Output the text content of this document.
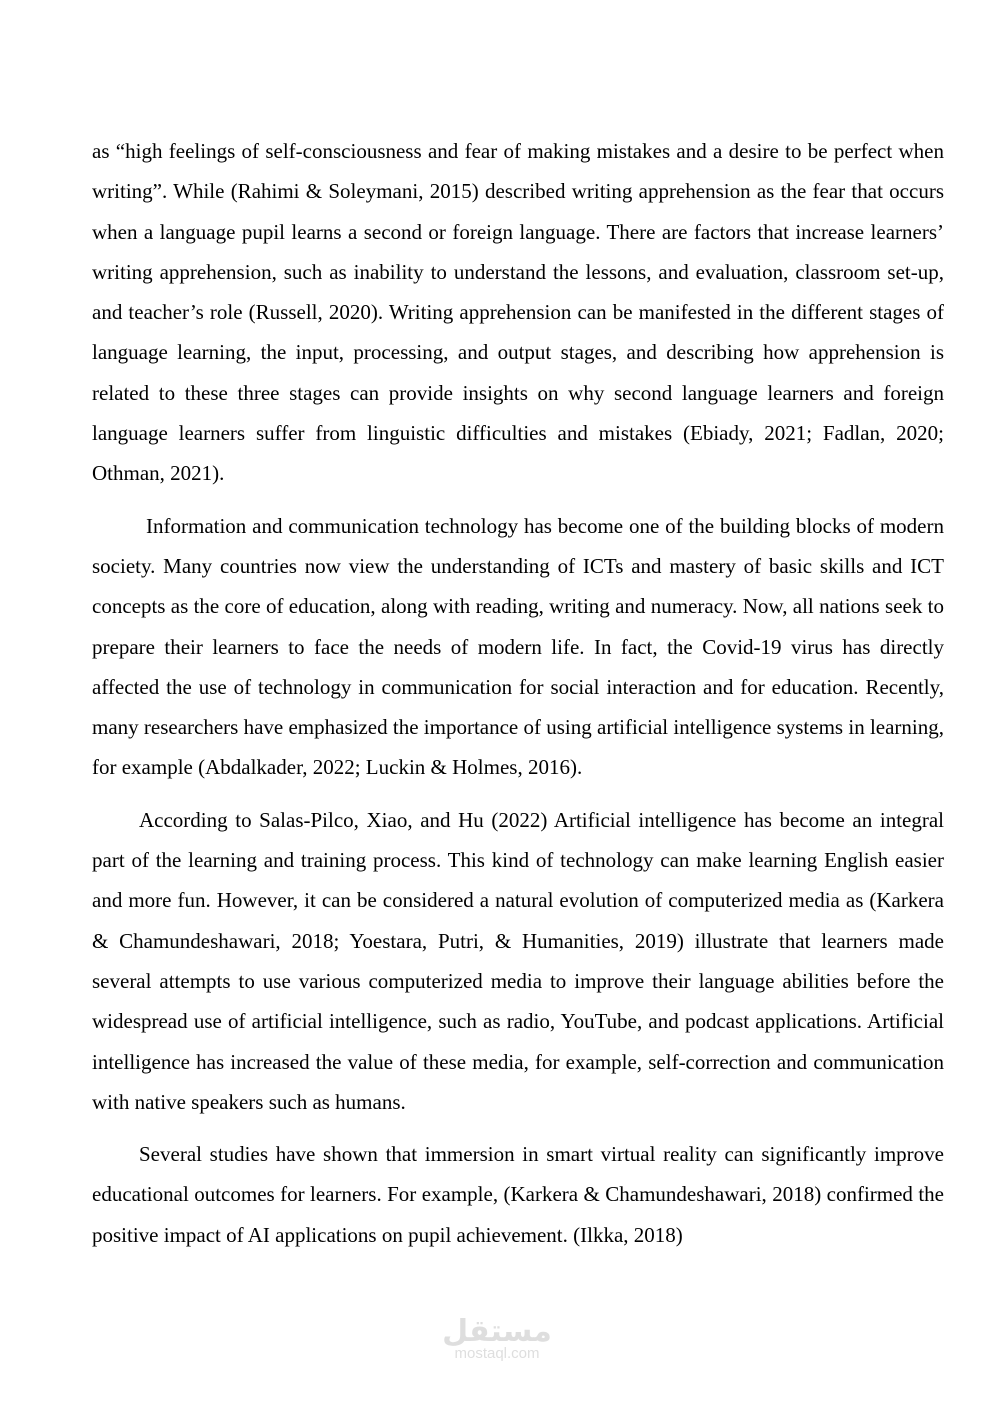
as “high feelings of self-consciousness and fear of making mistakes and a desire to be perfect when writing”. While (Rahimi & Soleymani, 2015) described writing apprehension as the fear that occurs when a language pupil learns a second or foreign language. There are factors that increase learners’ writing apprehension, such as inability to understand the lessons, and evaluation, classroom set-up, and teacher’s role (Russell, 2020). Writing apprehension can be manifested in the different stages of language learning, the input, processing, and output stages, and describing how apprehension is related to these three stages can provide insights on why second language learners and foreign language learners suffer from linguistic difficulties and mistakes (Ebiady, 2021; Fadlan, 2020; Othman, 2021).

Information and communication technology has become one of the building blocks of modern society. Many countries now view the understanding of ICTs and mastery of basic skills and ICT concepts as the core of education, along with reading, writing and numeracy. Now, all nations seek to prepare their learners to face the needs of modern life. In fact, the Covid-19 virus has directly affected the use of technology in communication for social interaction and for education. Recently, many researchers have emphasized the importance of using artificial intelligence systems in learning, for example (Abdalkader, 2022; Luckin & Holmes, 2016).

According to Salas-Pilco, Xiao, and Hu (2022) Artificial intelligence has become an integral part of the learning and training process. This kind of technology can make learning English easier and more fun. However, it can be considered a natural evolution of computerized media as (Karkera & Chamundeshawari, 2018; Yoestara, Putri, & Humanities, 2019) illustrate that learners made several attempts to use various computerized media to improve their language abilities before the widespread use of artificial intelligence, such as radio, YouTube, and podcast applications. Artificial intelligence has increased the value of these media, for example, self-correction and communication with native speakers such as humans.

Several studies have shown that immersion in smart virtual reality can significantly improve educational outcomes for learners. For example, (Karkera & Chamundeshawari, 2018) confirmed the positive impact of AI applications on pupil achievement. (Ilkka, 2018)

مستقل
mostaql.com
